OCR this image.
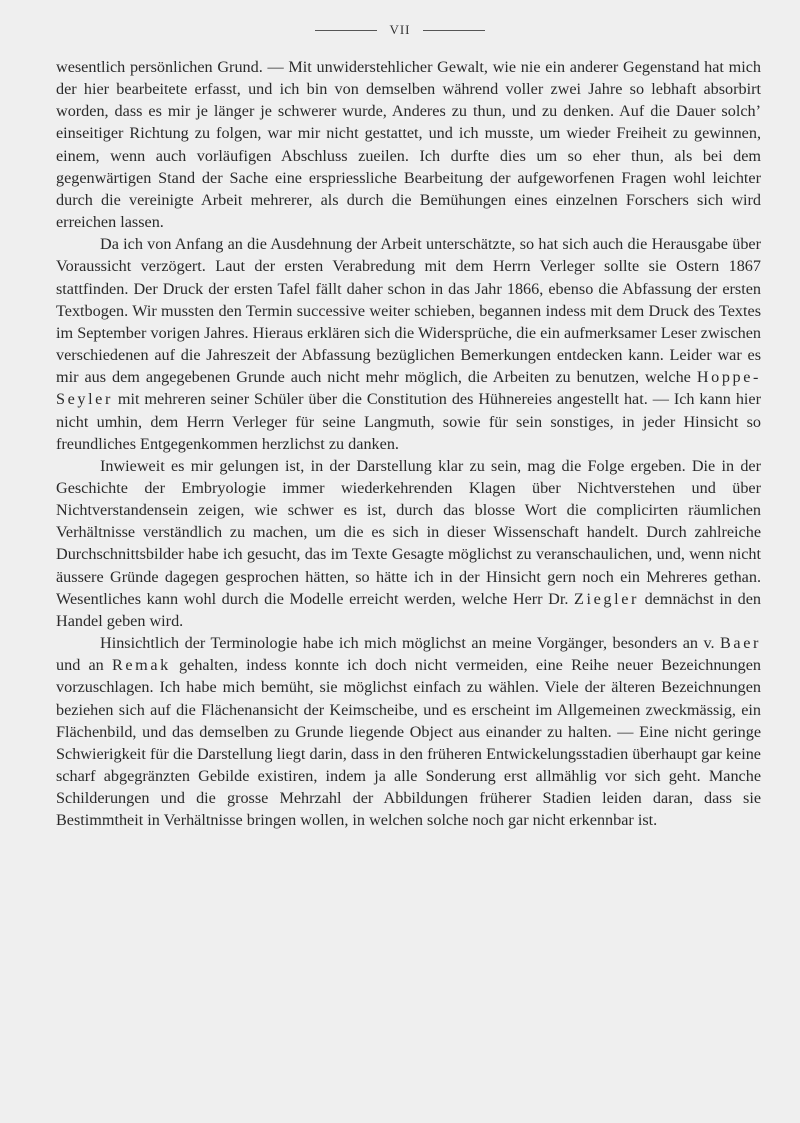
VII

wesentlich persönlichen Grund. — Mit unwiderstehlicher Gewalt, wie nie ein anderer Gegenstand hat mich der hier bearbeitete erfasst, und ich bin von demselben während voller zwei Jahre so lebhaft absorbirt worden, dass es mir je länger je schwerer wurde, Anderes zu thun, und zu denken. Auf die Dauer solch’ einseitiger Richtung zu folgen, war mir nicht gestattet, und ich musste, um wieder Freiheit zu gewinnen, einem, wenn auch vorläufigen Abschluss zueilen. Ich durfte dies um so eher thun, als bei dem gegenwärtigen Stand der Sache eine erspriessliche Bearbeitung der aufgeworfenen Fragen wohl leichter durch die vereinigte Arbeit mehrerer, als durch die Bemühungen eines einzelnen Forschers sich wird erreichen lassen.

Da ich von Anfang an die Ausdehnung der Arbeit unterschätzte, so hat sich auch die Herausgabe über Voraussicht verzögert. Laut der ersten Verabredung mit dem Herrn Verleger sollte sie Ostern 1867 stattfinden. Der Druck der ersten Tafel fällt daher schon in das Jahr 1866, ebenso die Abfassung der ersten Textbogen. Wir mussten den Termin successive weiter schieben, begannen indess mit dem Druck des Textes im September vorigen Jahres. Hieraus erklären sich die Widersprüche, die ein aufmerksamer Leser zwischen verschiedenen auf die Jahreszeit der Abfassung bezüglichen Bemerkungen entdecken kann. Leider war es mir aus dem angegebenen Grunde auch nicht mehr möglich, die Arbeiten zu benutzen, welche Hoppe-Seyler mit mehreren seiner Schüler über die Constitution des Hühnereies angestellt hat. — Ich kann hier nicht umhin, dem Herrn Verleger für seine Langmuth, sowie für sein sonstiges, in jeder Hinsicht so freundliches Entgegenkommen herzlichst zu danken.

Inwieweit es mir gelungen ist, in der Darstellung klar zu sein, mag die Folge ergeben. Die in der Geschichte der Embryologie immer wiederkehrenden Klagen über Nichtverstehen und über Nichtverstandensein zeigen, wie schwer es ist, durch das blosse Wort die complicirten räumlichen Verhältnisse verständlich zu machen, um die es sich in dieser Wissenschaft handelt. Durch zahlreiche Durchschnittsbilder habe ich gesucht, das im Texte Gesagte möglichst zu veranschaulichen, und, wenn nicht äussere Gründe dagegen gesprochen hätten, so hätte ich in der Hinsicht gern noch ein Mehreres gethan. Wesentliches kann wohl durch die Modelle erreicht werden, welche Herr Dr. Ziegler demnächst in den Handel geben wird.

Hinsichtlich der Terminologie habe ich mich möglichst an meine Vorgänger, besonders an v. Baer und an Remak gehalten, indess konnte ich doch nicht vermeiden, eine Reihe neuer Bezeichnungen vorzuschlagen. Ich habe mich bemüht, sie möglichst einfach zu wählen. Viele der älteren Bezeichnungen beziehen sich auf die Flächenansicht der Keimscheibe, und es erscheint im Allgemeinen zweckmässig, ein Flächenbild, und das demselben zu Grunde liegende Object aus einander zu halten. — Eine nicht geringe Schwierigkeit für die Darstellung liegt darin, dass in den früheren Entwickelungsstadien überhaupt gar keine scharf abgegränzten Gebilde existiren, indem ja alle Sonderung erst allmählig vor sich geht. Manche Schilderungen und die grosse Mehrzahl der Abbildungen früherer Stadien leiden daran, dass sie Bestimmtheit in Verhältnisse bringen wollen, in welchen solche noch gar nicht erkennbar ist.
